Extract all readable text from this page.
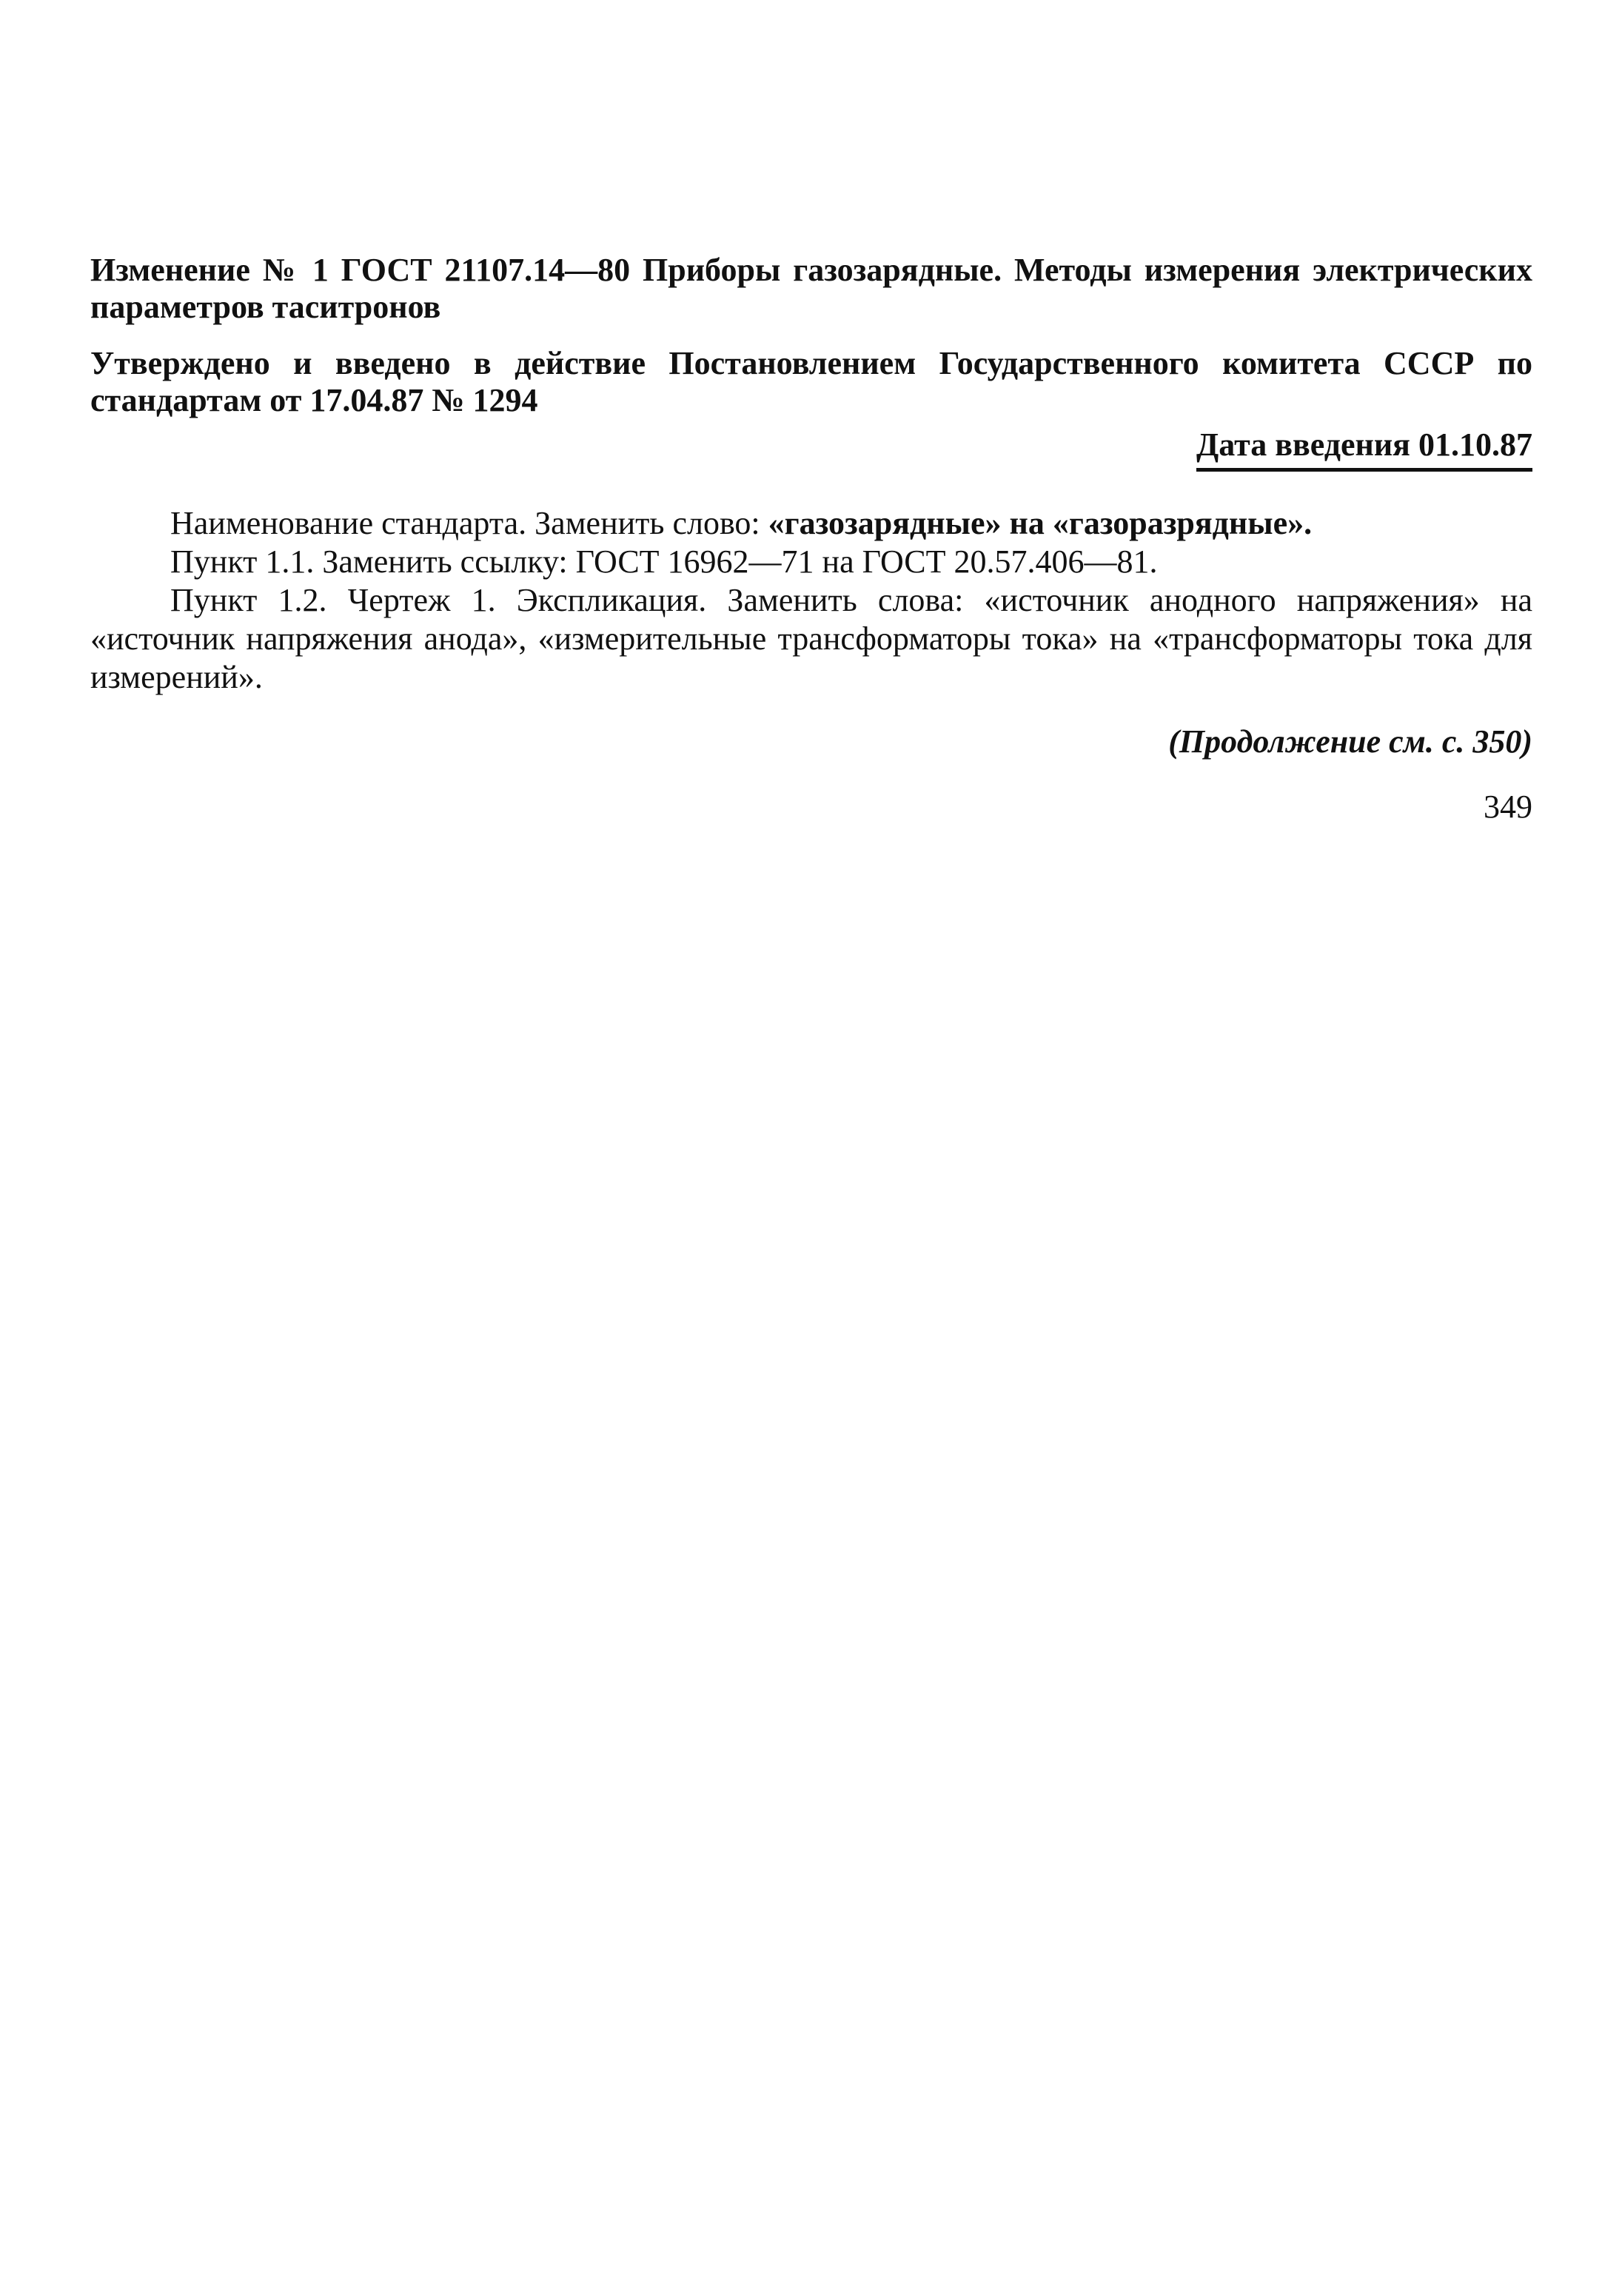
Изменение № 1 ГОСТ 21107.14—80 Приборы газозарядные. Методы измерения электрических параметров таситронов
Утверждено и введено в действие Постановлением Государственного комитета СССР по стандартам от 17.04.87 № 1294
Дата введения 01.10.87

Наименование стандарта. Заменить слово: «газозарядные» на «газоразрядные».

Пункт 1.1. Заменить ссылку: ГОСТ 16962—71 на ГОСТ 20.57.406—81.

Пункт 1.2. Чертеж 1. Экспликация. Заменить слова: «источник анодного напряжения» на «источник напряжения анода», «измерительные трансформаторы тока» на «трансформаторы тока для измерений».

(Продолжение см. с. 350)
349
